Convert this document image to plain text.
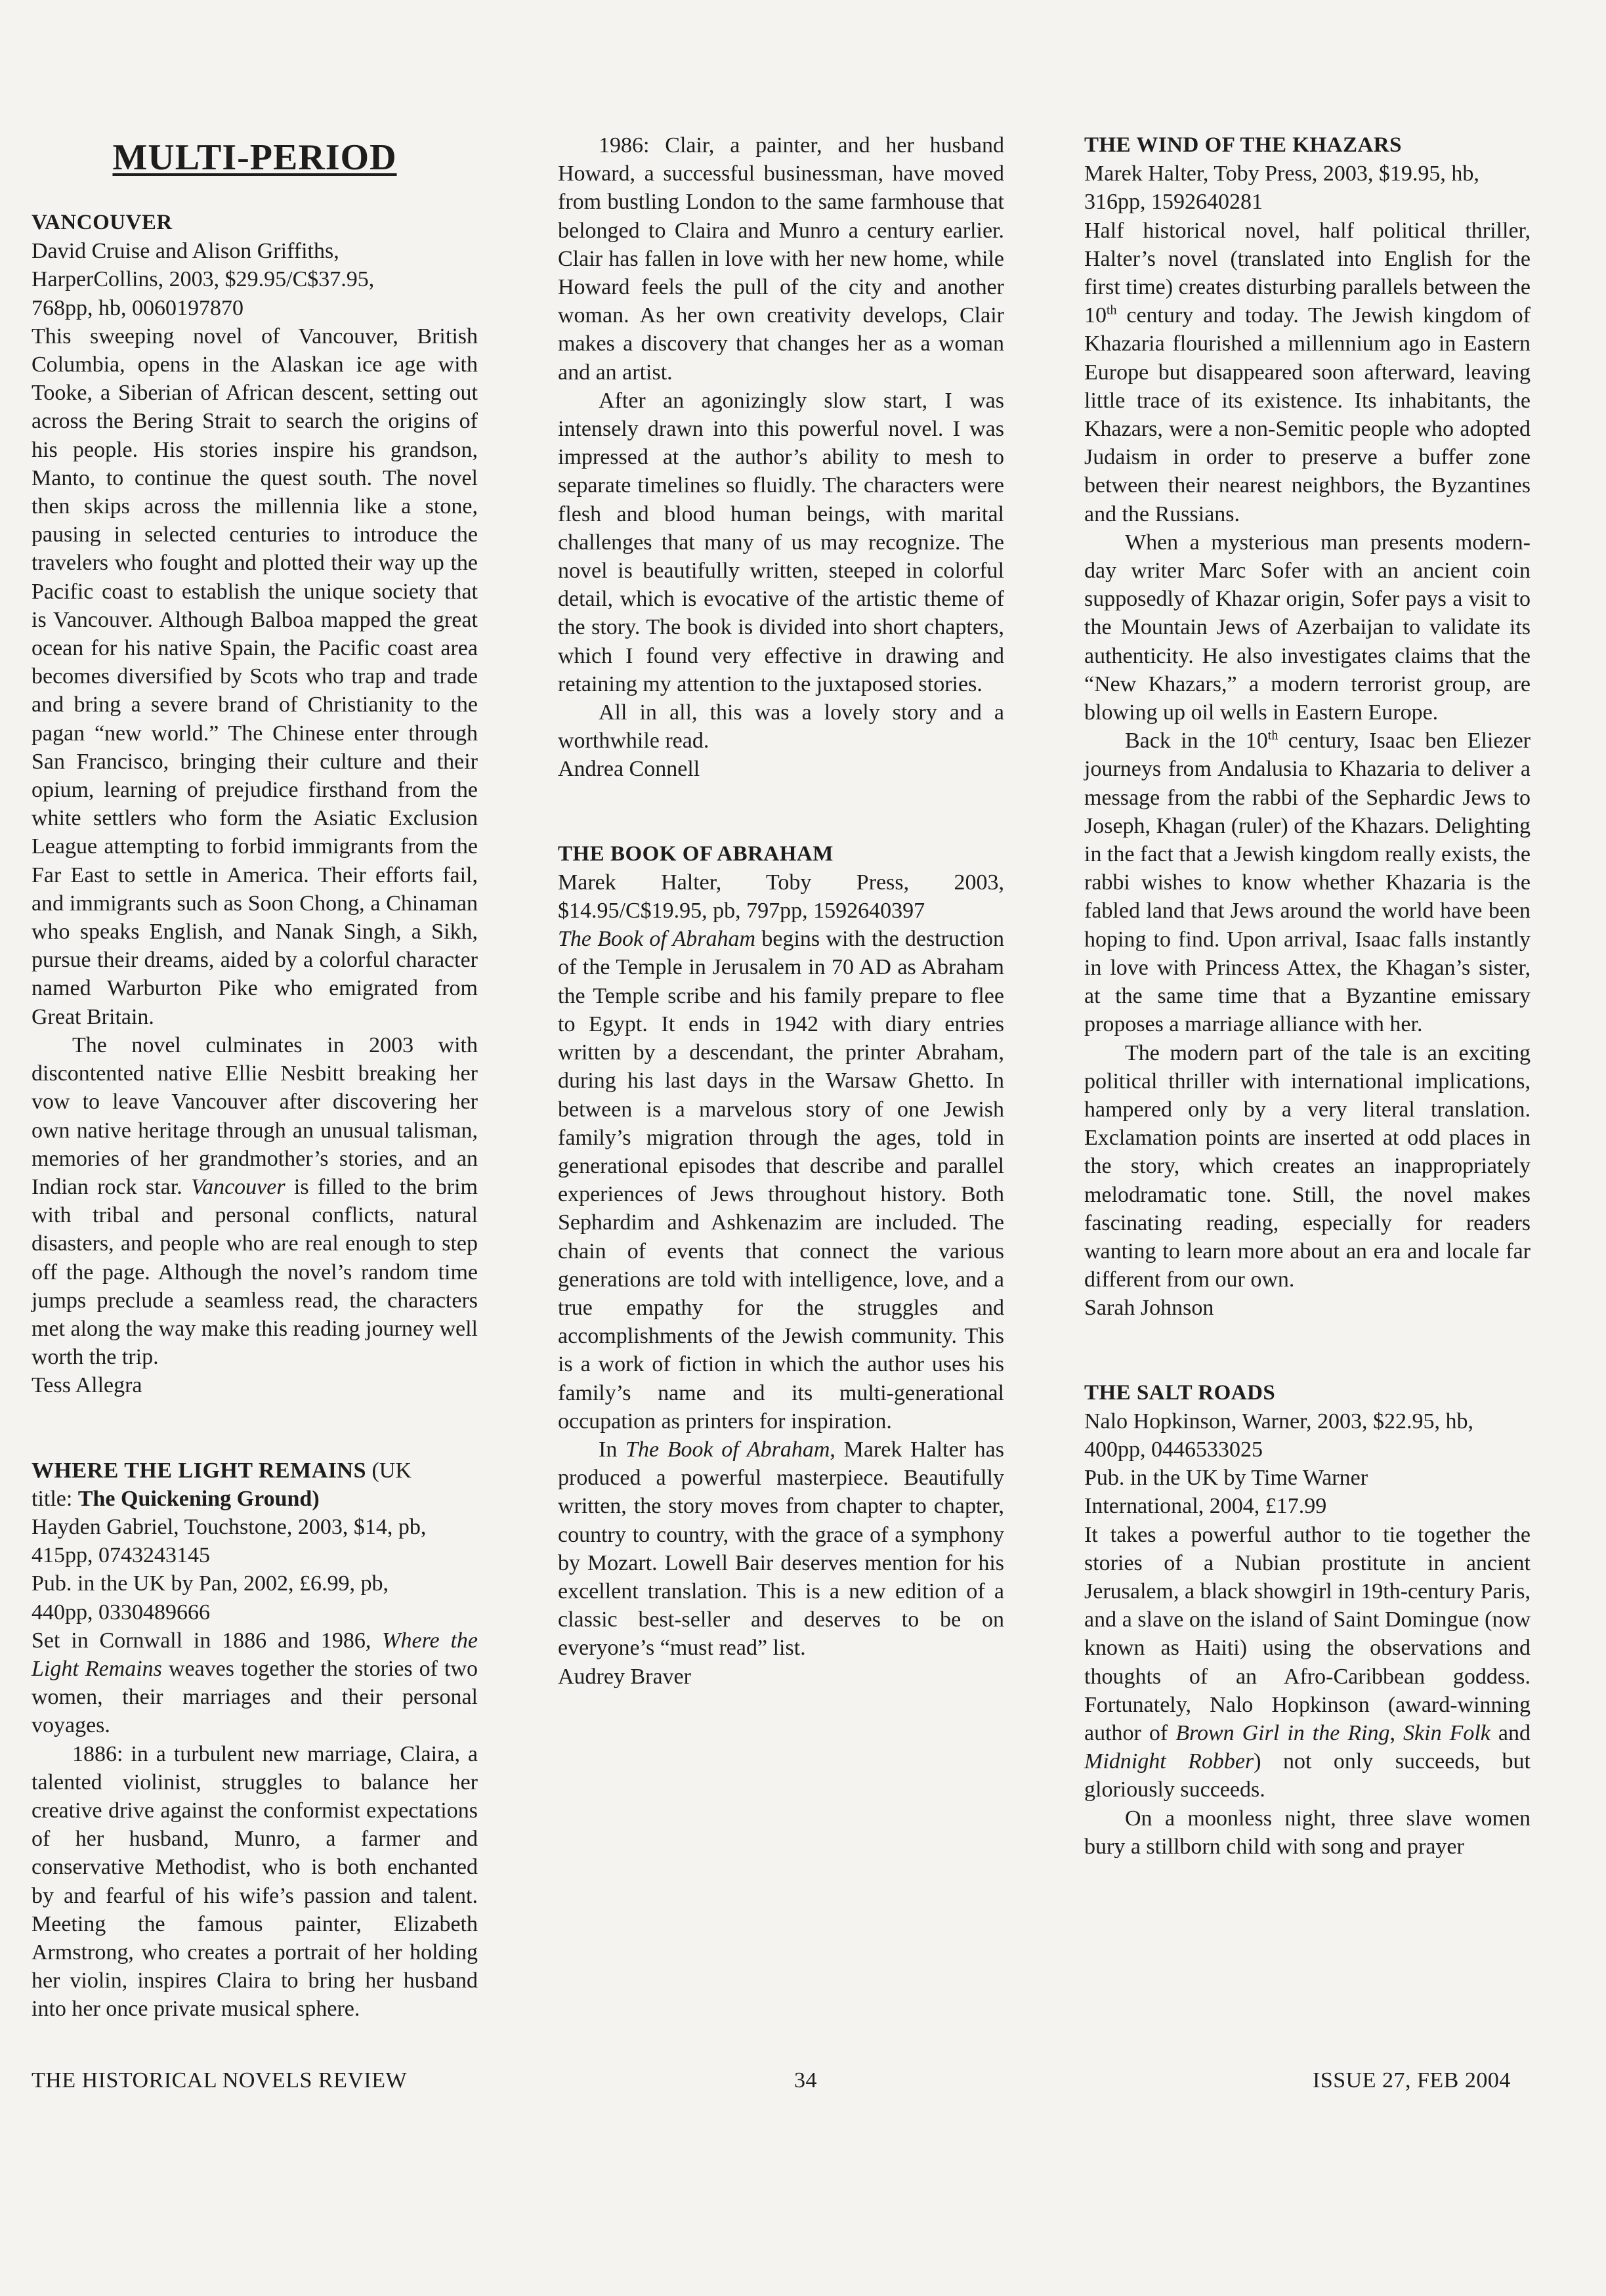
MULTI-PERIOD

VANCOUVER

David Cruise and Alison Griffiths,

HarperCollins, 2003, $29.95/C$37.95,

768pp, hb, 0060197870

This sweeping novel of Vancouver, British Columbia, opens in the Alaskan ice age with Tooke, a Siberian of African descent, setting out across the Bering Strait to search the origins of his people. His stories inspire his grandson, Manto, to continue the quest south. The novel then skips across the millennia like a stone, pausing in selected centuries to introduce the travelers who fought and plotted their way up the Pacific coast to establish the unique society that is Vancouver. Although Balboa mapped the great ocean for his native Spain, the Pacific coast area becomes diversified by Scots who trap and trade and bring a severe brand of Christianity to the pagan “new world.” The Chinese enter through San Francisco, bringing their culture and their opium, learning of prejudice firsthand from the white settlers who form the Asiatic Exclusion League attempting to forbid immigrants from the Far East to settle in America. Their efforts fail, and immigrants such as Soon Chong, a Chinaman who speaks English, and Nanak Singh, a Sikh, pursue their dreams, aided by a colorful character named Warburton Pike who emigrated from Great Britain.

The novel culminates in 2003 with discontented native Ellie Nesbitt breaking her vow to leave Vancouver after discovering her own native heritage through an unusual talisman, memories of her grandmother’s stories, and an Indian rock star. Vancouver is filled to the brim with tribal and personal conflicts, natural disasters, and people who are real enough to step off the page. Although the novel’s random time jumps preclude a seamless read, the characters met along the way make this reading journey well worth the trip.

Tess Allegra

WHERE THE LIGHT REMAINS (UK

title: The Quickening Ground)

Hayden Gabriel, Touchstone, 2003, $14, pb,

415pp, 0743243145

Pub. in the UK by Pan, 2002, £6.99, pb,

440pp, 0330489666

Set in Cornwall in 1886 and 1986, Where the Light Remains weaves together the stories of two women, their marriages and their personal voyages.

1886: in a turbulent new marriage, Claira, a talented violinist, struggles to balance her creative drive against the conformist expectations of her husband, Munro, a farmer and conservative Methodist, who is both enchanted by and fearful of his wife’s passion and talent. Meeting the famous painter, Elizabeth Armstrong, who creates a portrait of her holding her violin, inspires Claira to bring her husband into her once private musical sphere.

1986: Clair, a painter, and her husband Howard, a successful businessman, have moved from bustling London to the same farmhouse that belonged to Claira and Munro a century earlier. Clair has fallen in love with her new home, while Howard feels the pull of the city and another woman. As her own creativity develops, Clair makes a discovery that changes her as a woman and an artist.

After an agonizingly slow start, I was intensely drawn into this powerful novel. I was impressed at the author’s ability to mesh to separate timelines so fluidly. The characters were flesh and blood human beings, with marital challenges that many of us may recognize. The novel is beautifully written, steeped in colorful detail, which is evocative of the artistic theme of the story. The book is divided into short chapters, which I found very effective in drawing and retaining my attention to the juxtaposed stories.

All in all, this was a lovely story and a worthwhile read.

Andrea Connell

THE BOOK OF ABRAHAM

Marek Halter, Toby Press, 2003,

$14.95/C$19.95, pb, 797pp, 1592640397

The Book of Abraham begins with the destruction of the Temple in Jerusalem in 70 AD as Abraham the Temple scribe and his family prepare to flee to Egypt. It ends in 1942 with diary entries written by a descendant, the printer Abraham, during his last days in the Warsaw Ghetto. In between is a marvelous story of one Jewish family’s migration through the ages, told in generational episodes that describe and parallel experiences of Jews throughout history. Both Sephardim and Ashkenazim are included. The chain of events that connect the various generations are told with intelligence, love, and a true empathy for the struggles and accomplishments of the Jewish community. This is a work of fiction in which the author uses his family’s name and its multi-generational occupation as printers for inspiration.

In The Book of Abraham, Marek Halter has produced a powerful masterpiece. Beautifully written, the story moves from chapter to chapter, country to country, with the grace of a symphony by Mozart. Lowell Bair deserves mention for his excellent translation. This is a new edition of a classic best-seller and deserves to be on everyone’s “must read” list.

Audrey Braver

THE WIND OF THE KHAZARS

Marek Halter, Toby Press, 2003, $19.95, hb,

316pp, 1592640281

Half historical novel, half political thriller, Halter’s novel (translated into English for the first time) creates disturbing parallels between the 10th century and today. The Jewish kingdom of Khazaria flourished a millennium ago in Eastern Europe but disappeared soon afterward, leaving little trace of its existence. Its inhabitants, the Khazars, were a non-Semitic people who adopted Judaism in order to preserve a buffer zone between their nearest neighbors, the Byzantines and the Russians.

When a mysterious man presents modern-day writer Marc Sofer with an ancient coin supposedly of Khazar origin, Sofer pays a visit to the Mountain Jews of Azerbaijan to validate its authenticity. He also investigates claims that the “New Khazars,” a modern terrorist group, are blowing up oil wells in Eastern Europe.

Back in the 10th century, Isaac ben Eliezer journeys from Andalusia to Khazaria to deliver a message from the rabbi of the Sephardic Jews to Joseph, Khagan (ruler) of the Khazars. Delighting in the fact that a Jewish kingdom really exists, the rabbi wishes to know whether Khazaria is the fabled land that Jews around the world have been hoping to find. Upon arrival, Isaac falls instantly in love with Princess Attex, the Khagan’s sister, at the same time that a Byzantine emissary proposes a marriage alliance with her.

The modern part of the tale is an exciting political thriller with international implications, hampered only by a very literal translation. Exclamation points are inserted at odd places in the story, which creates an inappropriately melodramatic tone. Still, the novel makes fascinating reading, especially for readers wanting to learn more about an era and locale far different from our own.

Sarah Johnson

THE SALT ROADS

Nalo Hopkinson, Warner, 2003, $22.95, hb,

400pp, 0446533025

Pub. in the UK by Time Warner

International, 2004, £17.99

It takes a powerful author to tie together the stories of a Nubian prostitute in ancient Jerusalem, a black showgirl in 19th-century Paris, and a slave on the island of Saint Domingue (now known as Haiti) using the observations and thoughts of an Afro-Caribbean goddess. Fortunately, Nalo Hopkinson (award-winning author of Brown Girl in the Ring, Skin Folk and Midnight Robber) not only succeeds, but gloriously succeeds.

On a moonless night, three slave women bury a stillborn child with song and prayer

THE HISTORICAL NOVELS REVIEW	34	ISSUE 27, FEB 2004
